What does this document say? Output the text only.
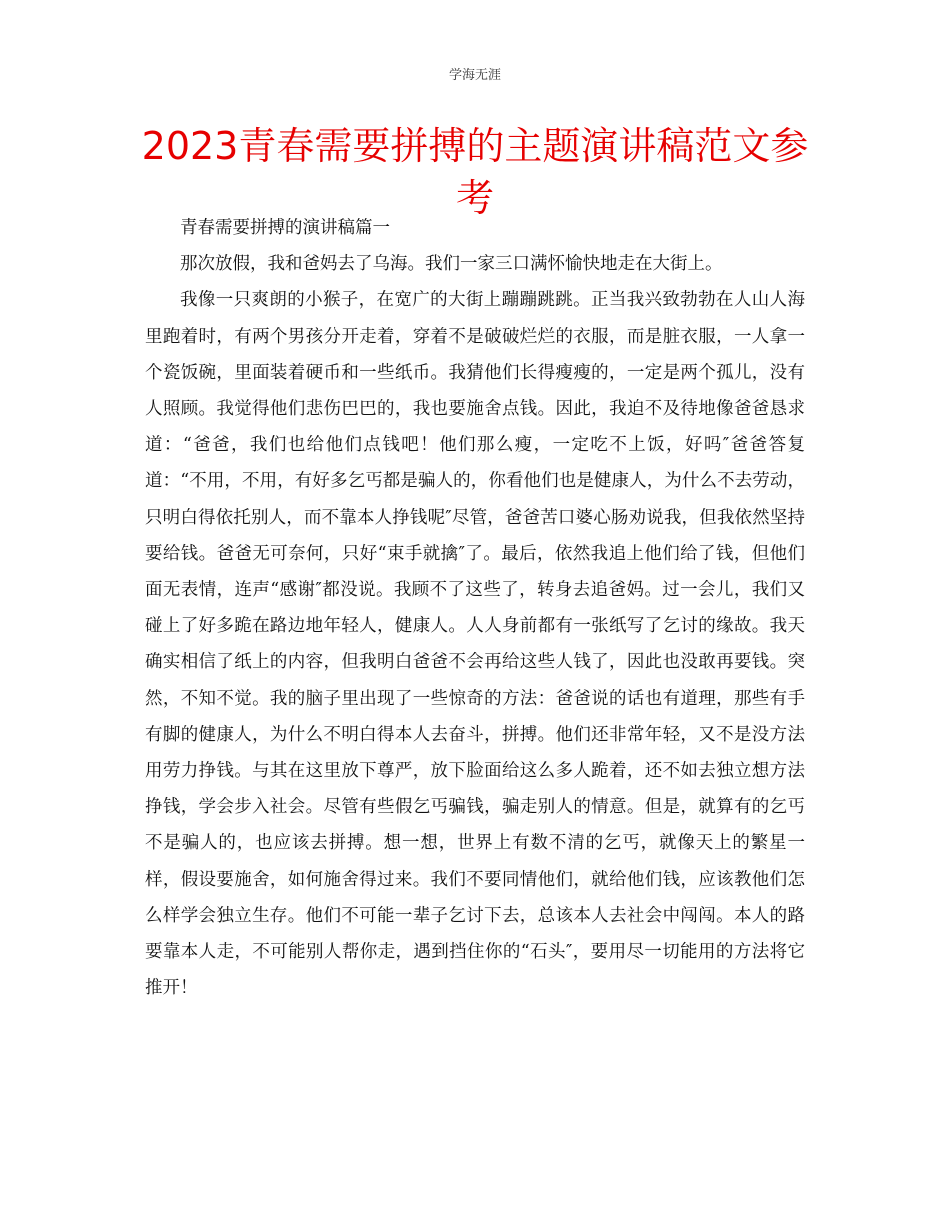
学海无涯
2023青春需要拼搏的主题演讲稿范文参考

青春需要拼搏的演讲稿篇一

那次放假，我和爸妈去了乌海。我们一家三口满怀愉快地走在大街上。

我像一只爽朗的小猴子，在宽广的大街上蹦蹦跳跳。正当我兴致勃勃在人山人海里跑着时，有两个男孩分开走着，穿着不是破破烂烂的衣服，而是脏衣服，一人拿一个瓷饭碗，里面装着硬币和一些纸币。我猜他们长得瘦瘦的，一定是两个孤儿，没有人照顾。我觉得他们悲伤巴巴的，我也要施舍点钱。因此，我迫不及待地像爸爸恳求道：“爸爸，我们也给他们点钱吧！他们那么瘦，一定吃不上饭，好吗″爸爸答复道：“不用，不用，有好多乞丐都是骗人的，你看他们也是健康人，为什么不去劳动，只明白得依托别人，而不靠本人挣钱呢″尽管，爸爸苦口婆心肠劝说我，但我依然坚持要给钱。爸爸无可奈何，只好“束手就擒″了。最后，依然我追上他们给了钱，但他们面无表情，连声“感谢″都没说。我顾不了这些了，转身去追爸妈。过一会儿，我们又碰上了好多跪在路边地年轻人，健康人。人人身前都有一张纸写了乞讨的缘故。我天确实相信了纸上的内容，但我明白爸爸不会再给这些人钱了，因此也没敢再要钱。突然，不知不觉。我的脑子里出现了一些惊奇的方法：爸爸说的话也有道理，那些有手有脚的健康人，为什么不明白得本人去奋斗，拼搏。他们还非常年轻，又不是没方法用劳力挣钱。与其在这里放下尊严，放下脸面给这么多人跪着，还不如去独立想方法挣钱，学会步入社会。尽管有些假乞丐骗钱，骗走别人的情意。但是，就算有的乞丐不是骗人的，也应该去拼搏。想一想，世界上有数不清的乞丐，就像天上的繁星一样，假设要施舍，如何施舍得过来。我们不要同情他们，就给他们钱，应该教他们怎么样学会独立生存。他们不可能一辈子乞讨下去，总该本人去社会中闯闯。本人的路要靠本人走，不可能别人帮你走，遇到挡住你的“石头″，要用尽一切能用的方法将它推开！
